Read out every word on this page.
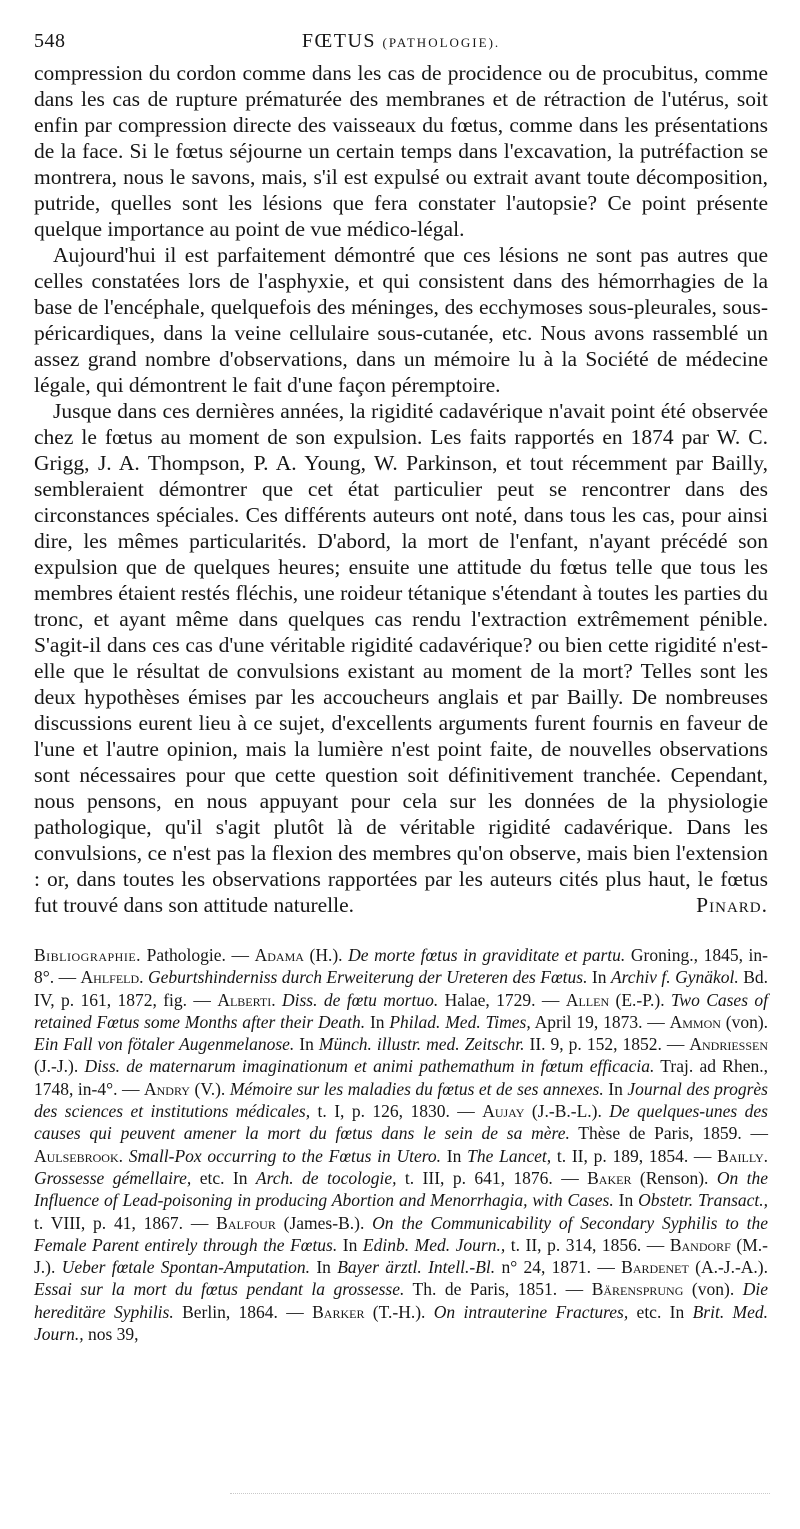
548	FŒTUS (PATHOLOGIE).

compression du cordon comme dans les cas de procidence ou de procubitus, comme dans les cas de rupture prématurée des membranes et de rétraction de l'utérus, soit enfin par compression directe des vaisseaux du fœtus, comme dans les présentations de la face. Si le fœtus séjourne un certain temps dans l'excavation, la putréfaction se montrera, nous le savons, mais, s'il est expulsé ou extrait avant toute décomposition, putride, quelles sont les lésions que fera constater l'autopsie? Ce point présente quelque importance au point de vue médico-légal.

Aujourd'hui il est parfaitement démontré que ces lésions ne sont pas autres que celles constatées lors de l'asphyxie, et qui consistent dans des hémorrhagies de la base de l'encéphale, quelquefois des méninges, des ecchymoses sous-pleurales, sous-péricardiques, dans la veine cellulaire sous-cutanée, etc. Nous avons rassemblé un assez grand nombre d'observations, dans un mémoire lu à la Société de médecine légale, qui démontrent le fait d'une façon péremptoire.

Jusque dans ces dernières années, la rigidité cadavérique n'avait point été observée chez le fœtus au moment de son expulsion. Les faits rapportés en 1874 par W. C. Grigg, J. A. Thompson, P. A. Young, W. Parkinson, et tout récemment par Bailly, sembleraient démontrer que cet état particulier peut se rencontrer dans des circonstances spéciales. Ces différents auteurs ont noté, dans tous les cas, pour ainsi dire, les mêmes particularités. D'abord, la mort de l'enfant, n'ayant précédé son expulsion que de quelques heures; ensuite une attitude du fœtus telle que tous les membres étaient restés fléchis, une roideur tétanique s'étendant à toutes les parties du tronc, et ayant même dans quelques cas rendu l'extraction extrêmement pénible. S'agit-il dans ces cas d'une véritable rigidité cadavérique? ou bien cette rigidité n'est-elle que le résultat de convulsions existant au moment de la mort? Telles sont les deux hypothèses émises par les accoucheurs anglais et par Bailly. De nombreuses discussions eurent lieu à ce sujet, d'excellents arguments furent fournis en faveur de l'une et l'autre opinion, mais la lumière n'est point faite, de nouvelles observations sont nécessaires pour que cette question soit définitivement tranchée. Cependant, nous pensons, en nous appuyant pour cela sur les données de la physiologie pathologique, qu'il s'agit plutôt là de véritable rigidité cadavérique. Dans les convulsions, ce n'est pas la flexion des membres qu'on observe, mais bien l'extension : or, dans toutes les observations rapportées par les auteurs cités plus haut, le fœtus fut trouvé dans son attitude naturelle.	Pinard.

Bibliographie. Pathologie. — Adama (H.). De morte fœtus in graviditate et partu. Groning., 1845, in-8°. — Ahlfeld. Geburtshinderniss durch Erweiterung der Ureteren des Fœtus. In Archiv f. Gynäkol. Bd. IV, p. 161, 1872, fig. — Alberti. Diss. de fœtu mortuo. Halae, 1729. — Allen (E.-P.). Two Cases of retained Fœtus some Months after their Death. In Philad. Med. Times, April 19, 1873. — Ammon (von). Ein Fall von fötaler Augenmelanose. In Münch. illustr. med. Zeitschr. II. 9, p. 152, 1852. — Andriessen (J.-J.). Diss. de maternarum imaginationum et animi pathemathum in fœtum efficacia. Traj. ad Rhen., 1748, in-4°. — Andry (V.). Mémoire sur les maladies du fœtus et de ses annexes. In Journal des progrès des sciences et institutions médicales, t. I, p. 126, 1830. — Aujay (J.-B.-L.). De quelques-unes des causes qui peuvent amener la mort du fœtus dans le sein de sa mère. Thèse de Paris, 1859. — Aulsebrook. Small-Pox occurring to the Fœtus in Utero. In The Lancet, t. II, p. 189, 1854. — Bailly. Grossesse gémellaire, etc. In Arch. de tocologie, t. III, p. 641, 1876. — Baker (Renson). On the Influence of Lead-poisoning in producing Abortion and Menorrhagia, with Cases. In Obstetr. Transact., t. VIII, p. 41, 1867. — Balfour (James-B.). On the Communicability of Secondary Syphilis to the Female Parent entirely through the Fœtus. In Edinb. Med. Journ., t. II, p. 314, 1856. — Bandorf (M.-J.). Ueber fœtale Spontan-Amputation. In Bayer ärztl. Intell.-Bl. n° 24, 1871. — Bardenet (A.-J.-A.). Essai sur la mort du fœtus pendant la grossesse. Th. de Paris, 1851. — Bärensprung (von). Die hereditäre Syphilis. Berlin, 1864. — Barker (T.-H.). On intrauterine Fractures, etc. In Brit. Med. Journ., nos 39,
